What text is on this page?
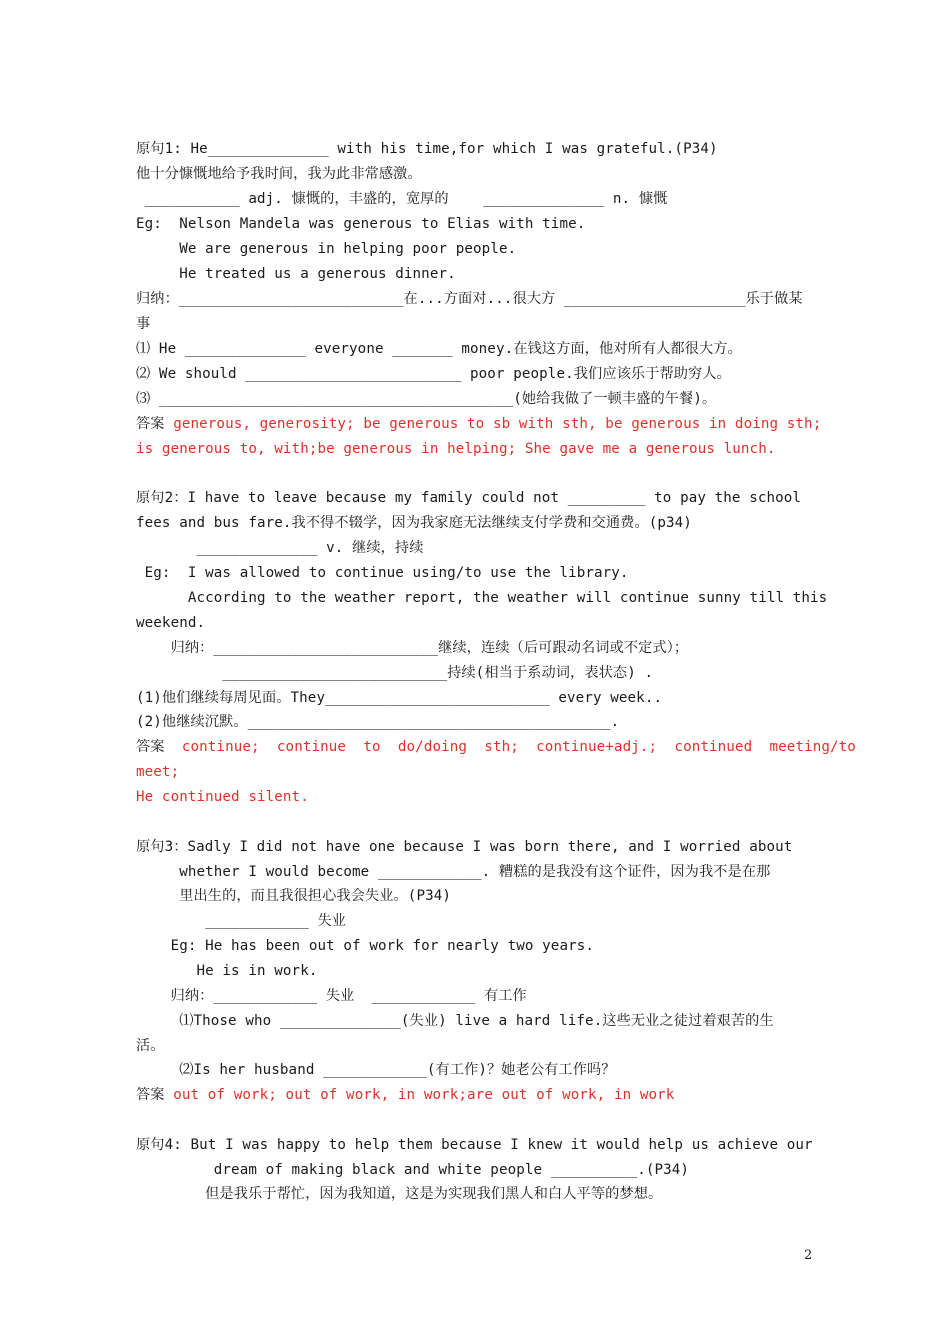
原句1: He______________ with his time,for which I was grateful.(P34)
他十分慷慨地给予我时间，我为此非常感激。
___________ adj. 慷慨的，丰盛的，宽厚的    ______________ n. 慷慨
Eg:  Nelson Mandela was generous to Elias with time.
We are generous in helping poor people.
He treated us a generous dinner.
归纳：__________________________在...方面对...很大方 _____________________乐于做某
事
⑴ He ______________ everyone _______ money.在钱这方面，他对所有人都很大方。
⑵ We should _________________________ poor people.我们应该乐于帮助穷人。
⑶ _________________________________________(她给我做了一顿丰盛的午餐)。
答案 generous, generosity; be generous to sb with sth, be generous in doing sth;
is generous to, with;be generous in helping; She gave me a generous lunch.
原句2：I have to leave because my family could not _________ to pay the school
fees and bus fare.我不得不辍学，因为我家庭无法继续支付学费和交通费。(p34)
______________ v. 继续，持续
Eg:  I was allowed to continue using/to use the library.
According to the weather report, the weather will continue sunny till this
weekend.
归纳：__________________________继续，连续（后可跟动名词或不定式）；
__________________________持续(相当于系动词，表状态) .
(1)他们继续每周见面。They__________________________ every week..
(2)他继续沉默。__________________________________________.
答案  continue;  continue  to  do/doing  sth;  continue+adj.;  continued  meeting/to
meet;
He continued silent.
原句3：Sadly I did not have one because I was born there, and I worried about
whether I would become ____________. 糟糕的是我没有这个证件，因为我不是在那
里出生的，而且我很担心我会失业。(P34)
____________ 失业
Eg: He has been out of work for nearly two years.
He is in work.
归纳：____________ 失业  ____________ 有工作
⑴Those who ______________(失业) live a hard life.这些无业之徒过着艰苦的生
活。
⑵Is her husband ____________(有工作)？她老公有工作吗？
答案 out of work; out of work, in work;are out of work, in work
原句4: But I was happy to help them because I knew it would help us achieve our
dream of making black and white people __________.(P34)
但是我乐于帮忙，因为我知道，这是为实现我们黑人和白人平等的梦想。
2
